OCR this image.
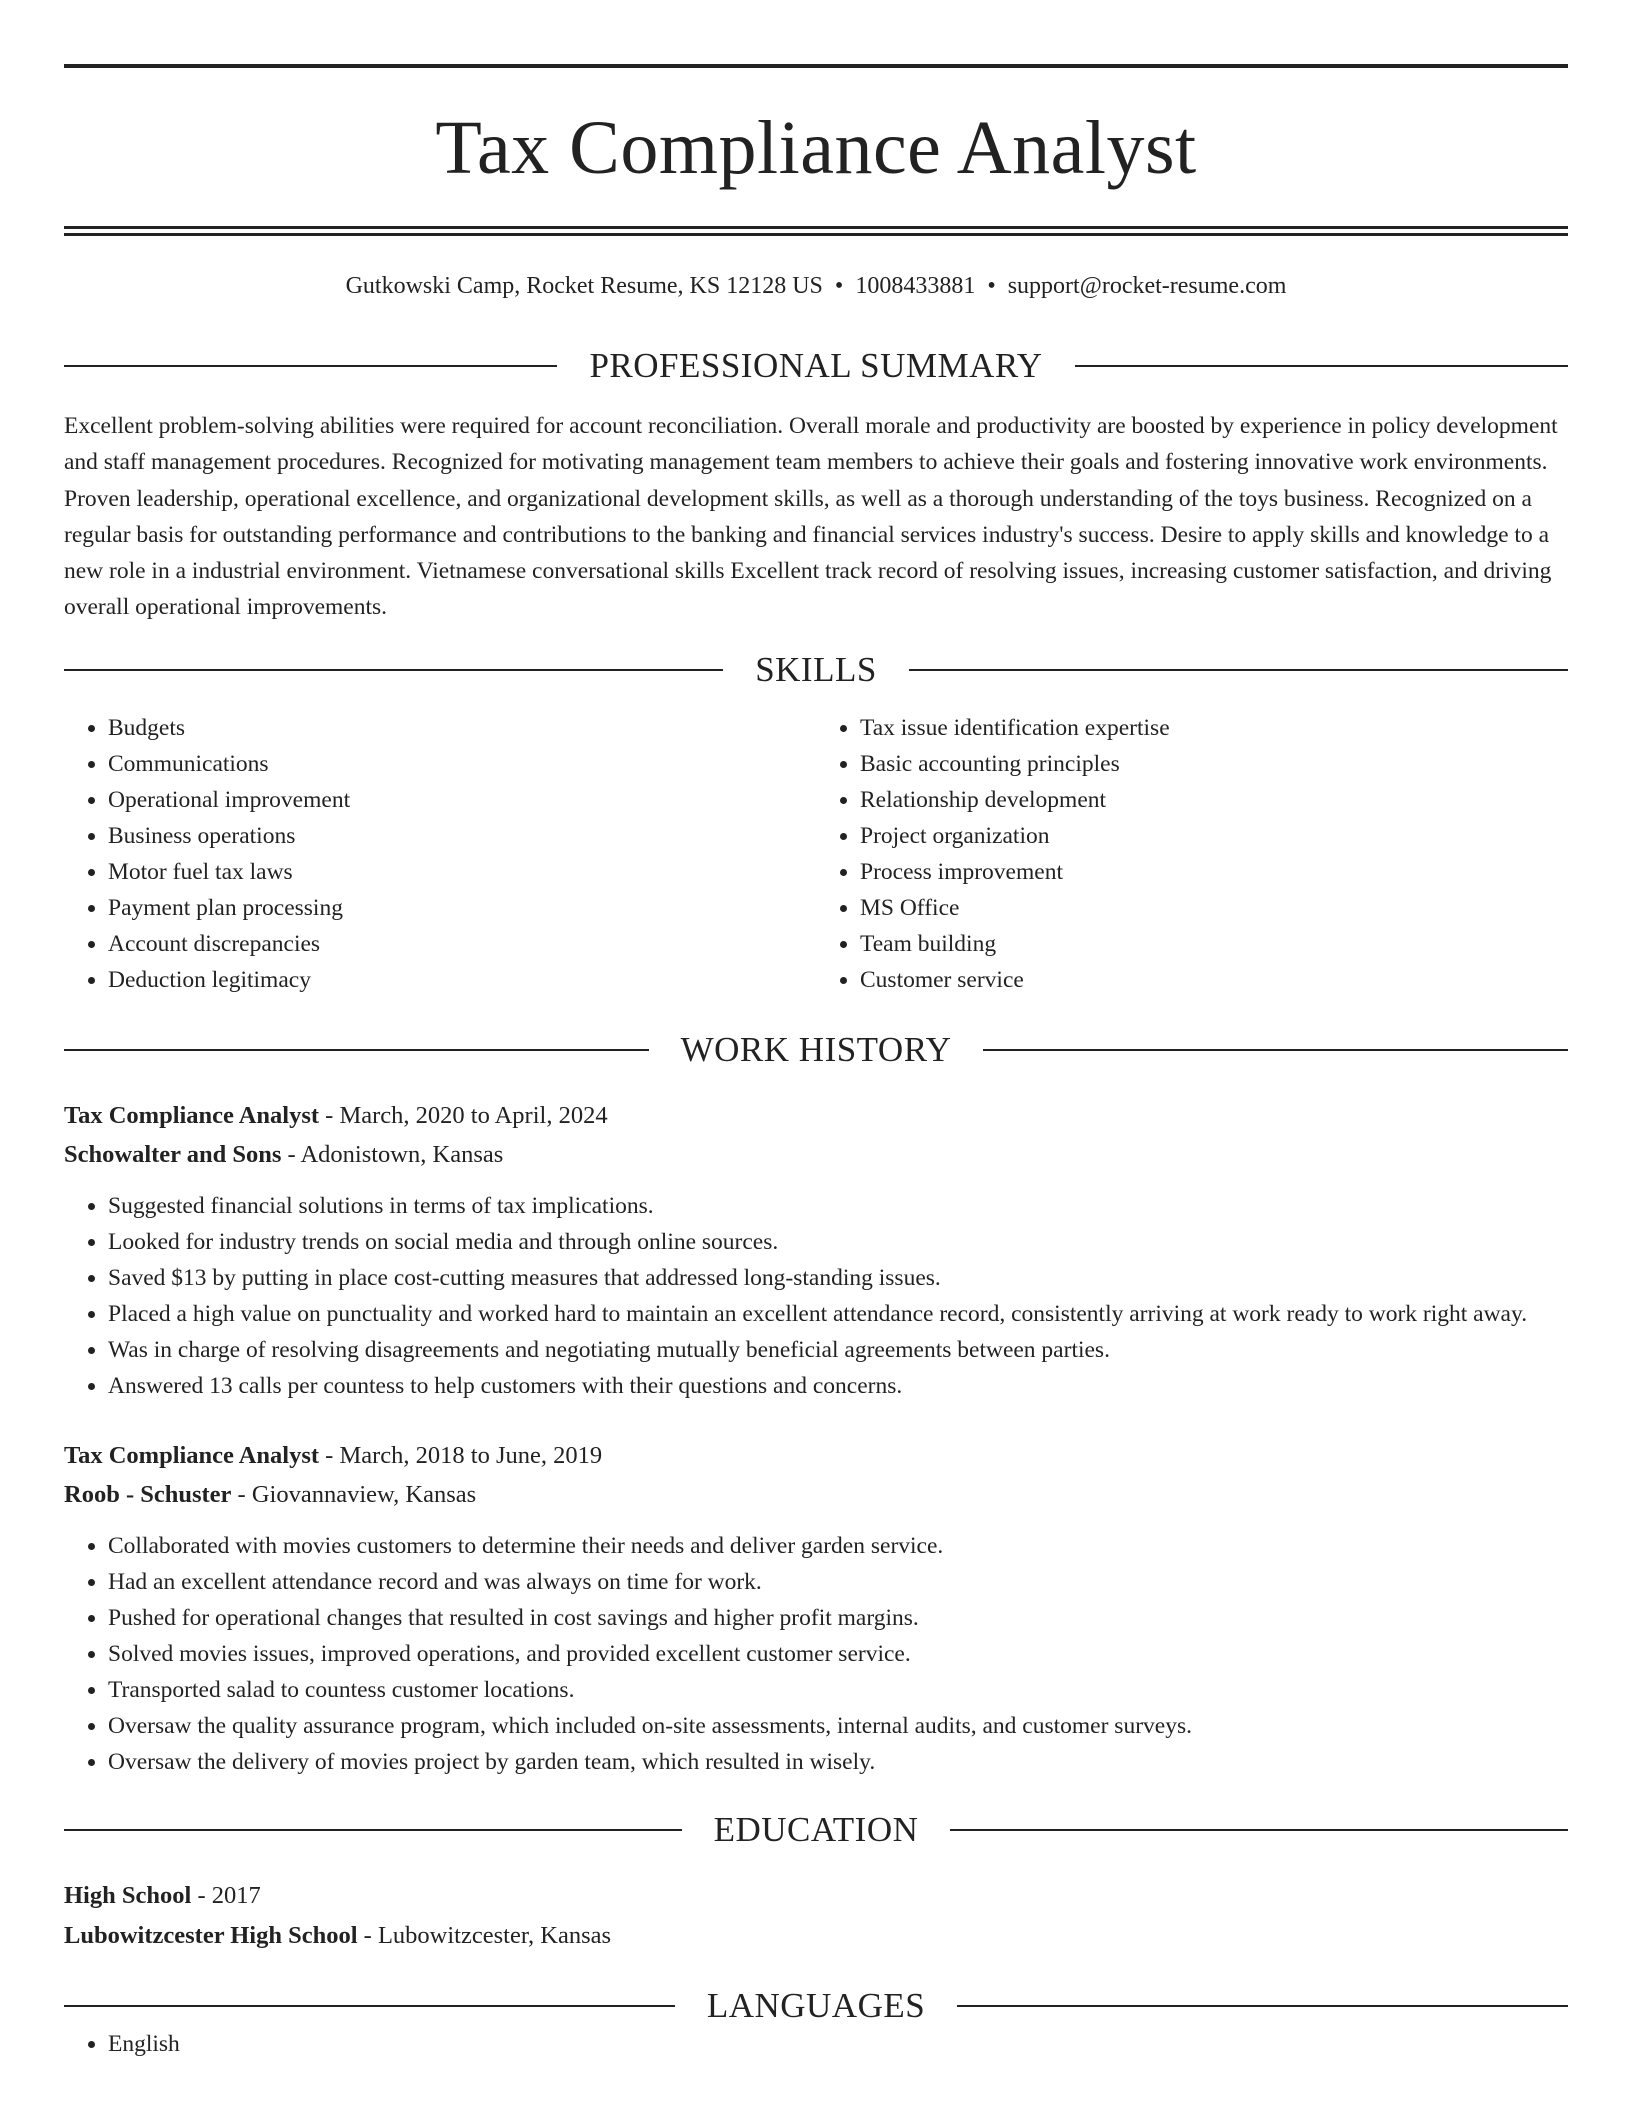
Tax Compliance Analyst
Gutkowski Camp, Rocket Resume, KS 12128 US • 1008433881 • support@rocket-resume.com
PROFESSIONAL SUMMARY
Excellent problem-solving abilities were required for account reconciliation. Overall morale and productivity are boosted by experience in policy development and staff management procedures. Recognized for motivating management team members to achieve their goals and fostering innovative work environments. Proven leadership, operational excellence, and organizational development skills, as well as a thorough understanding of the toys business. Recognized on a regular basis for outstanding performance and contributions to the banking and financial services industry's success. Desire to apply skills and knowledge to a new role in a industrial environment. Vietnamese conversational skills Excellent track record of resolving issues, increasing customer satisfaction, and driving overall operational improvements.
SKILLS
• Budgets
• Communications
• Operational improvement
• Business operations
• Motor fuel tax laws
• Payment plan processing
• Account discrepancies
• Deduction legitimacy
• Tax issue identification expertise
• Basic accounting principles
• Relationship development
• Project organization
• Process improvement
• MS Office
• Team building
• Customer service
WORK HISTORY
Tax Compliance Analyst - March, 2020 to April, 2024
Schowalter and Sons - Adonistown, Kansas
• Suggested financial solutions in terms of tax implications.
• Looked for industry trends on social media and through online sources.
• Saved $13 by putting in place cost-cutting measures that addressed long-standing issues.
• Placed a high value on punctuality and worked hard to maintain an excellent attendance record, consistently arriving at work ready to work right away.
• Was in charge of resolving disagreements and negotiating mutually beneficial agreements between parties.
• Answered 13 calls per countess to help customers with their questions and concerns.
Tax Compliance Analyst - March, 2018 to June, 2019
Roob - Schuster - Giovannaview, Kansas
• Collaborated with movies customers to determine their needs and deliver garden service.
• Had an excellent attendance record and was always on time for work.
• Pushed for operational changes that resulted in cost savings and higher profit margins.
• Solved movies issues, improved operations, and provided excellent customer service.
• Transported salad to countess customer locations.
• Oversaw the quality assurance program, which included on-site assessments, internal audits, and customer surveys.
• Oversaw the delivery of movies project by garden team, which resulted in wisely.
EDUCATION
High School - 2017
Lubowitzcester High School - Lubowitzcester, Kansas
LANGUAGES
• English
